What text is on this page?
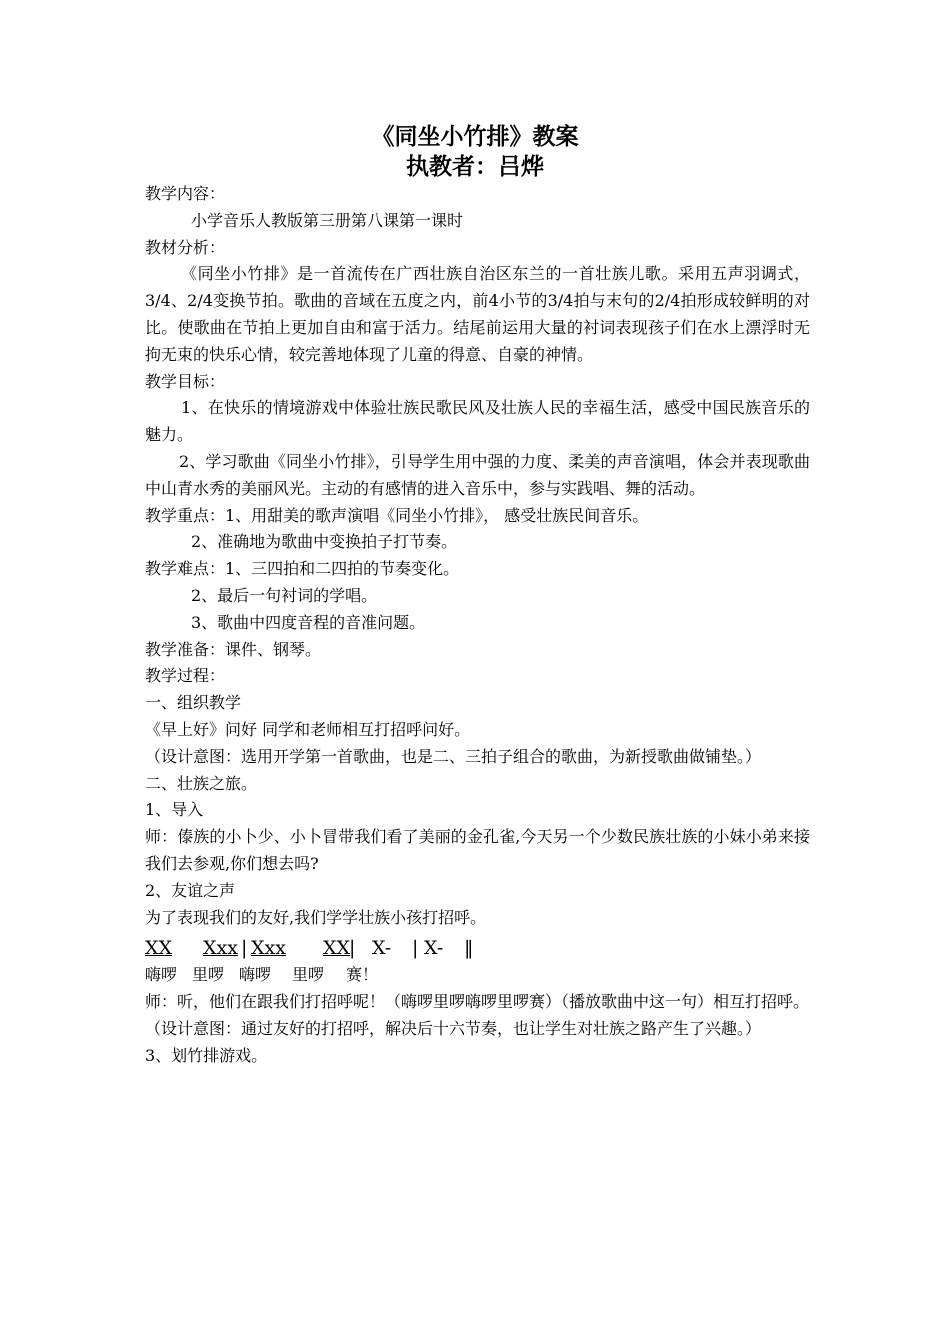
《同坐小竹排》教案
执教者：吕烨

教学内容：

小学音乐人教版第三册第八课第一课时

教材分析：

《同坐小竹排》是一首流传在广西壮族自治区东兰的一首壮族儿歌。采用五声羽调式，3/4、2/4变换节拍。歌曲的音域在五度之内，前4小节的3/4拍与末句的2/4拍形成较鲜明的对比。使歌曲在节拍上更加自由和富于活力。结尾前运用大量的衬词表现孩子们在水上漂浮时无拘无束的快乐心情，较完善地体现了儿童的得意、自豪的神情。

教学目标：

1、在快乐的情境游戏中体验壮族民歌民风及壮族人民的幸福生活，感受中国民族音乐的魅力。

2、学习歌曲《同坐小竹排》，引导学生用中强的力度、柔美的声音演唱，体会并表现歌曲中山青水秀的美丽风光。主动的有感情的进入音乐中，参与实践唱、舞的活动。

教学重点：1、用甜美的歌声演唱《同坐小竹排》， 感受壮族民间音乐。

2、准确地为歌曲中变换拍子打节奏。

教学难点：1、三四拍和二四拍的节奏变化。

2、最后一句衬词的学唱。

3、歌曲中四度音程的音准问题。

教学准备：课件、钢琴。

教学过程：

一、组织教学

《早上好》问好 同学和老师相互打招呼问好。

（设计意图：选用开学第一首歌曲，也是二、三拍子组合的歌曲，为新授歌曲做铺垫。）

二、壮族之旅。

1、导入

师：傣族的小卜少、小卜冒带我们看了美丽的金孔雀,今天另一个少数民族壮族的小妹小弟来接我们去参观,你们想去吗?

2、友谊之声

为了表现我们的友好,我们学学壮族小孩打招呼。

XX Xxx | Xxx XX| X- | X- ‖

嗨啰 里啰 嗨啰 里啰 赛！

师：听，他们在跟我们打招呼呢！（嗨啰里啰嗨啰里啰赛）（播放歌曲中这一句）相互打招呼。

（设计意图：通过友好的打招呼，解决后十六节奏，也让学生对壮族之路产生了兴趣。）

3、划竹排游戏。
